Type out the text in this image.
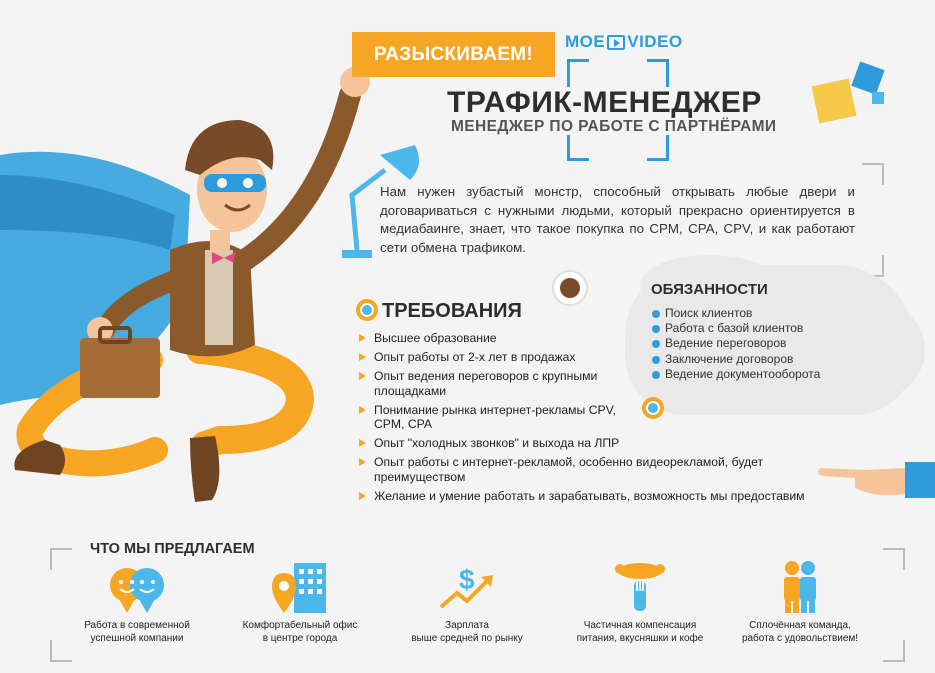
РАЗЫСКИВАЕМ!
MOE VIDEO
ТРАФИК-МЕНЕДЖЕР
МЕНЕДЖЕР ПО РАБОТЕ С ПАРТНЁРАМИ
Нам нужен зубастый монстр, способный открывать любые двери и договариваться с нужными людьми, который прекрасно ориентируется в медиабаинге, знает, что такое покупка по CPM, CPA, CPV, и как работают сети обмена трафиком.
ОБЯЗАННОСТИ
Поиск клиентов
Работа с базой клиентов
Ведение переговоров
Заключение договоров
Ведение документооборота
ТРЕБОВАНИЯ
Высшее образование
Опыт работы от 2-х лет в продажах
Опыт ведения переговоров с крупными площадками
Понимание рынка интернет-рекламы CPV, CPM, CPA
Опыт "холодных звонков" и выхода на ЛПР
Опыт работы с интернет-рекламой, особенно видеорекламой, будет преимуществом
Желание и умение работать и зарабатывать, возможность мы предоставим
ЧТО МЫ ПРЕДЛАГАЕМ
Работа в современной
успешной компании
Комфортабельный офис
в центре города
$
Зарплата
выше средней по рынку
Частичная компенсация
питания, вкусняшки и кофе
Сплочённая команда,
работа с удовольствием!
